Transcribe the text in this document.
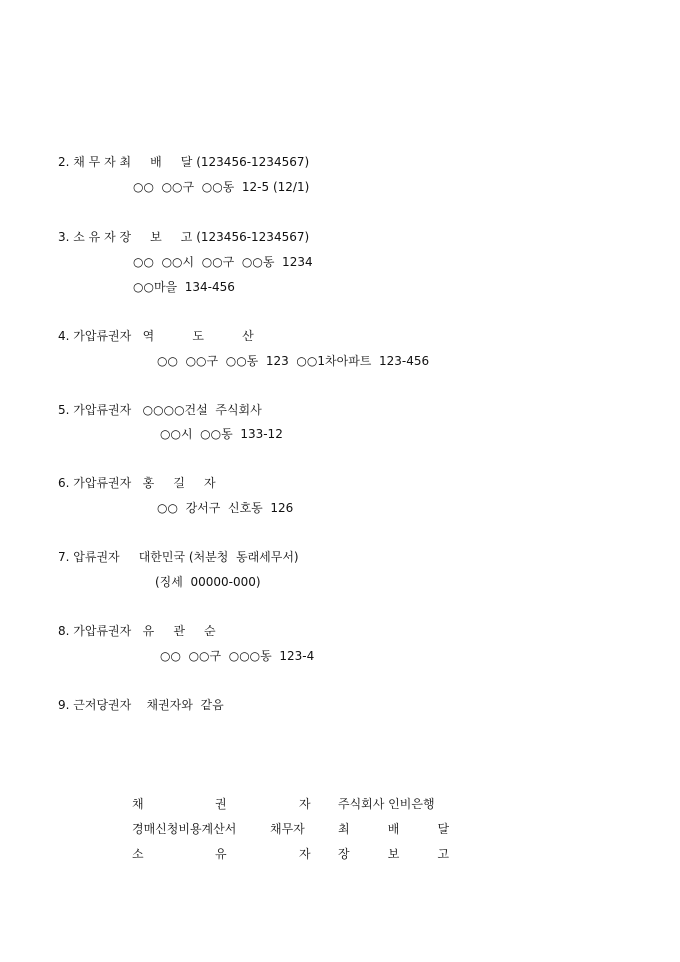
2. 채 무 자 최     배     달 (123456-1234567)
○○  ○○구  ○○동  12-5 (12/1)
3. 소 유 자 장     보     고 (123456-1234567)
○○  ○○시  ○○구  ○○동  1234
○○마을  134-456
4. 가압류권자   역          도          산
○○  ○○구  ○○동  123  ○○1차아파트  123-456
5. 가압류권자   ○○○○건설  주식회사
○○시  ○○동  133-12
6. 가압류권자   홍     길     자
○○  강서구  신호동  126
7. 압류권자     대한민국 (처분청  동래세무서)
(징세  00000-000)
8. 가압류권자   유     관     순
○○  ○○구  ○○○동  123-4
9. 근저당권자    채권자와  같음
채	권	자 주식회사 인비은행
경매신청비용계산서	채무자	최          배          달
소	유	자 장          보          고
